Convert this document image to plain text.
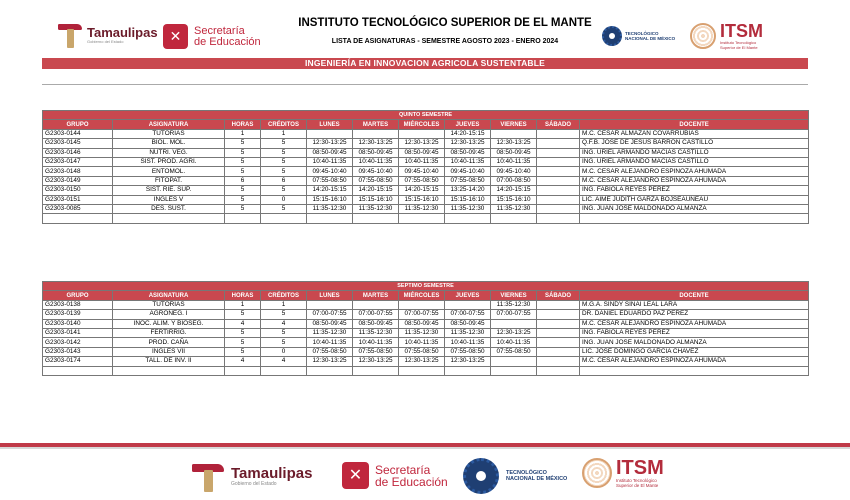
Tamaulipas
Gobierno del Estado	✕	Secretaría
de Educación
INSTITUTO TECNOLÓGICO SUPERIOR DE EL MANTE
LISTA DE ASIGNATURAS - SEMESTRE AGOSTO 2023 - ENERO 2024
TECNOLÓGICO
NACIONAL DE MÉXICO ITSM
Instituto Tecnológico
Superior de El Mante
INGENIERÍA EN INNOVACION AGRICOLA SUSTENTABLE
QUINTO SEMESTRE										
GRUPO	ASIGNATURA	HORAS	CRÉDITOS	LUNES	MARTES	MIÉRCOLES	JUEVES	VIERNES	SÁBADO	DOCENTE
G2303-0144	TUTORIAS	1	1				14:20-15:15			M.C. CESAR ALMAZAN COVARRUBIAS
G2303-0145	BIOL. MOL.	5	5	12:30-13:25	12:30-13:25	12:30-13:25	12:30-13:25	12:30-13:25		Q.F.B. JOSE DE JESUS BARRON CASTILLO
G2303-0146	NUTRI. VEG.	5	5	08:50-09:45	08:50-09:45	08:50-09:45	08:50-09:45	08:50-09:45		ING. URIEL ARMANDO MACIAS CASTILLO
G2303-0147	SIST. PROD. AGRI.	5	5	10:40-11:35	10:40-11:35	10:40-11:35	10:40-11:35	10:40-11:35		ING. URIEL ARMANDO MACIAS CASTILLO
G2303-0148	ENTOMOL.	5	5	09:45-10:40	09:45-10:40	09:45-10:40	09:45-10:40	09:45-10:40		M.C. CESAR ALEJANDRO ESPINOZA AHUMADA
G2303-0149	FITOPAT.	6	6	07:55-08:50	07:55-08:50	07:55-08:50	07:55-08:50	07:00-08:50		M.C. CESAR ALEJANDRO ESPINOZA AHUMADA
G2303-0150	SIST. RIE. SUP.	5	5	14:20-15:15	14:20-15:15	14:20-15:15	13:25-14:20	14:20-15:15		ING. FABIOLA REYES PEREZ
G2303-0151	INGLES V	5	0	15:15-16:10	15:15-16:10	15:15-16:10	15:15-16:10	15:15-16:10		LIC. AIME JUDITH GARZA BOJSEAUNEAU
G2303-0085	DES. SUST.	5	5	11:35-12:30	11:35-12:30	11:35-12:30	11:35-12:30	11:35-12:30		ING. JUAN JOSE MALDONADO ALMANZA

SEPTIMO SEMESTRE										
GRUPO	ASIGNATURA	HORAS	CRÉDITOS	LUNES	MARTES	MIÉRCOLES	JUEVES	VIERNES	SÁBADO	DOCENTE
G2303-0138	TUTORIAS	1	1					11:35-12:30		M.G.A. SINDY SINAI LEAL LARA
G2303-0139	AGRONEG. I	5	5	07:00-07:55	07:00-07:55	07:00-07:55	07:00-07:55	07:00-07:55		DR. DANIEL EDUARDO PAZ PEREZ
G2303-0140	INOC. ALIM. Y BIOSEG.	4	4	08:50-09:45	08:50-09:45	08:50-09:45	08:50-09:45			M.C. CESAR ALEJANDRO ESPINOZA AHUMADA
G2303-0141	FERTIRRIG.	5	5	11:35-12:30	11:35-12:30	11:35-12:30	11:35-12:30	12:30-13:25		ING. FABIOLA REYES PEREZ
G2303-0142	PROD. CAÑA	5	5	10:40-11:35	10:40-11:35	10:40-11:35	10:40-11:35	10:40-11:35		ING. JUAN JOSE MALDONADO ALMANZA
G2303-0143	INGLES VII	5	0	07:55-08:50	07:55-08:50	07:55-08:50	07:55-08:50	07:55-08:50		LIC. JOSE DOMINGO GARCIA CHAVEZ
G2303-0174	TALL. DE INV. II	4	4	12:30-13:25	12:30-13:25	12:30-13:25	12:30-13:25			M.C. CESAR ALEJANDRO ESPINOZA AHUMADA

Tamaulipas
Gobierno del Estado	✕	Secretaría
de Educación
TECNOLÓGICO
NACIONAL DE MÉXICO ITSM
Instituto Tecnológico
Superior de El Mante
